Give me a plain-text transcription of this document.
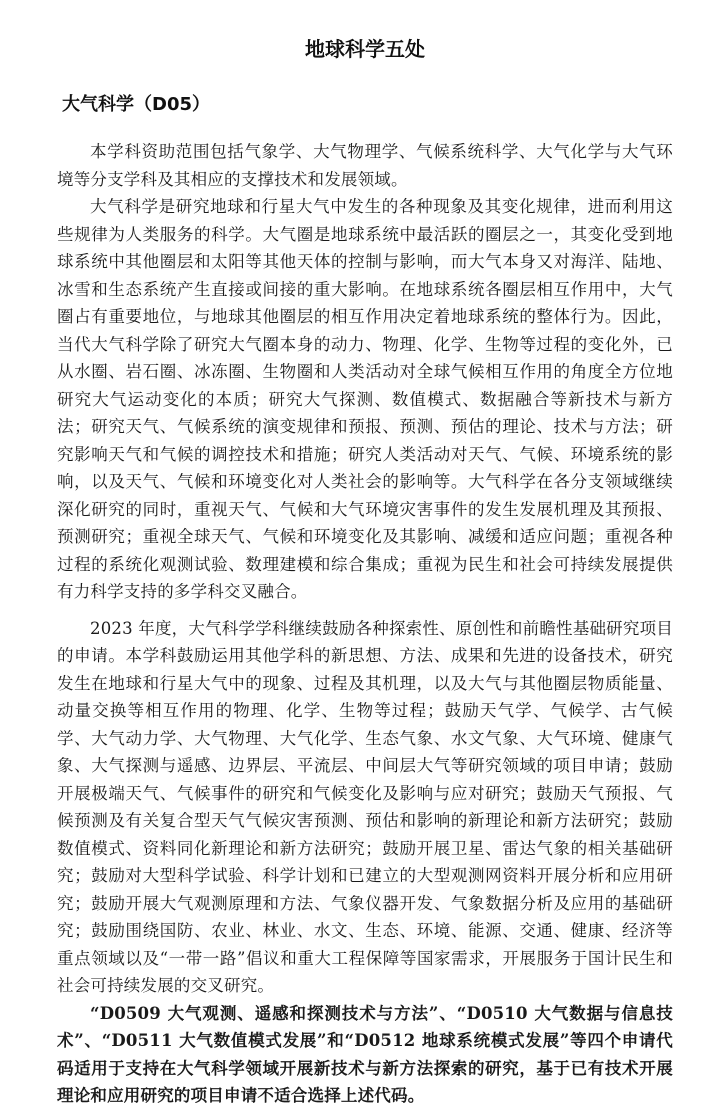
地球科学五处
大气科学（D05）

本学科资助范围包括气象学、大气物理学、气候系统科学、大气化学与大气环境等分支学科及其相应的支撑技术和发展领域。

大气科学是研究地球和行星大气中发生的各种现象及其变化规律，进而利用这些规律为人类服务的科学。大气圈是地球系统中最活跃的圈层之一，其变化受到地球系统中其他圈层和太阳等其他天体的控制与影响，而大气本身又对海洋、陆地、冰雪和生态系统产生直接或间接的重大影响。在地球系统各圈层相互作用中，大气圈占有重要地位，与地球其他圈层的相互作用决定着地球系统的整体行为。因此，当代大气科学除了研究大气圈本身的动力、物理、化学、生物等过程的变化外，已从水圈、岩石圈、冰冻圈、生物圈和人类活动对全球气候相互作用的角度全方位地研究大气运动变化的本质；研究大气探测、数值模式、数据融合等新技术与新方法；研究天气、气候系统的演变规律和预报、预测、预估的理论、技术与方法；研究影响天气和气候的调控技术和措施；研究人类活动对天气、气候、环境系统的影响，以及天气、气候和环境变化对人类社会的影响等。大气科学在各分支领域继续深化研究的同时，重视天气、气候和大气环境灾害事件的发生发展机理及其预报、预测研究；重视全球天气、气候和环境变化及其影响、减缓和适应问题；重视各种过程的系统化观测试验、数理建模和综合集成；重视为民生和社会可持续发展提供有力科学支持的多学科交叉融合。

2023 年度，大气科学学科继续鼓励各种探索性、原创性和前瞻性基础研究项目的申请。本学科鼓励运用其他学科的新思想、方法、成果和先进的设备技术，研究发生在地球和行星大气中的现象、过程及其机理，以及大气与其他圈层物质能量、动量交换等相互作用的物理、化学、生物等过程；鼓励天气学、气候学、古气候学、大气动力学、大气物理、大气化学、生态气象、水文气象、大气环境、健康气象、大气探测与遥感、边界层、平流层、中间层大气等研究领域的项目申请；鼓励开展极端天气、气候事件的研究和气候变化及影响与应对研究；鼓励天气预报、气候预测及有关复合型天气气候灾害预测、预估和影响的新理论和新方法研究；鼓励数值模式、资料同化新理论和新方法研究；鼓励开展卫星、雷达气象的相关基础研究；鼓励对大型科学试验、科学计划和已建立的大型观测网资料开展分析和应用研究；鼓励开展大气观测原理和方法、气象仪器开发、气象数据分析及应用的基础研究；鼓励围绕国防、农业、林业、水文、生态、环境、能源、交通、健康、经济等重点领域以及“一带一路”倡议和重大工程保障等国家需求，开展服务于国计民生和社会可持续发展的交叉研究。

“D0509 大气观测、遥感和探测技术与方法”、“D0510 大气数据与信息技术”、“D0511 大气数值模式发展”和“D0512 地球系统模式发展”等四个申请代码适用于支持在大气科学领域开展新技术与新方法探索的研究，基于已有技术开展理论和应用研究的项目申请不适合选择上述代码。
